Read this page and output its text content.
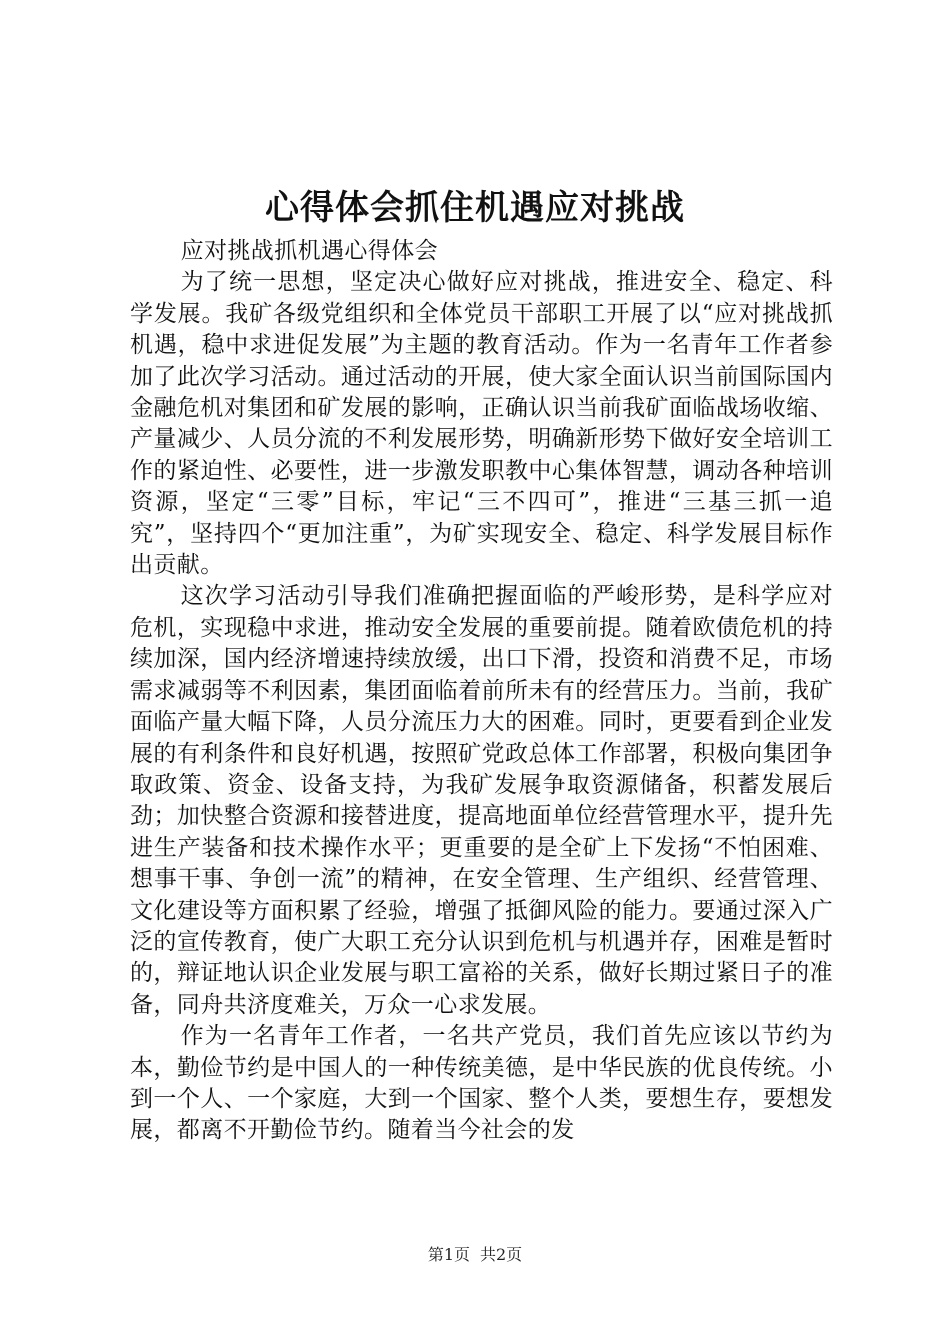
心得体会抓住机遇应对挑战

应对挑战抓机遇心得体会

为了统一思想，坚定决心做好应对挑战，推进安全、稳定、科学发展。我矿各级党组织和全体党员干部职工开展了以“应对挑战抓机遇，稳中求进促发展”为主题的教育活动。作为一名青年工作者参加了此次学习活动。通过活动的开展，使大家全面认识当前国际国内金融危机对集团和矿发展的影响，正确认识当前我矿面临战场收缩、产量减少、人员分流的不利发展形势，明确新形势下做好安全培训工作的紧迫性、必要性，进一步激发职教中心集体智慧，调动各种培训资源，坚定“三零”目标，牢记“三不四可”，推进“三基三抓一追究”，坚持四个“更加注重”，为矿实现安全、稳定、科学发展目标作出贡献。

这次学习活动引导我们准确把握面临的严峻形势，是科学应对危机，实现稳中求进，推动安全发展的重要前提。随着欧债危机的持续加深，国内经济增速持续放缓，出口下滑，投资和消费不足，市场需求减弱等不利因素，集团面临着前所未有的经营压力。当前，我矿面临产量大幅下降，人员分流压力大的困难。同时，更要看到企业发展的有利条件和良好机遇，按照矿党政总体工作部署，积极向集团争取政策、资金、设备支持，为我矿发展争取资源储备，积蓄发展后劲；加快整合资源和接替进度，提高地面单位经营管理水平，提升先进生产装备和技术操作水平；更重要的是全矿上下发扬“不怕困难、想事干事、争创一流”的精神，在安全管理、生产组织、经营管理、文化建设等方面积累了经验，增强了抵御风险的能力。要通过深入广泛的宣传教育，使广大职工充分认识到危机与机遇并存，困难是暂时的，辩证地认识企业发展与职工富裕的关系，做好长期过紧日子的准备，同舟共济度难关，万众一心求发展。

作为一名青年工作者，一名共产党员，我们首先应该以节约为本，勤俭节约是中国人的一种传统美德，是中华民族的优良传统。小到一个人、一个家庭，大到一个国家、整个人类，要想生存，要想发展，都离不开勤俭节约。随着当今社会的发

第1页 共2页
